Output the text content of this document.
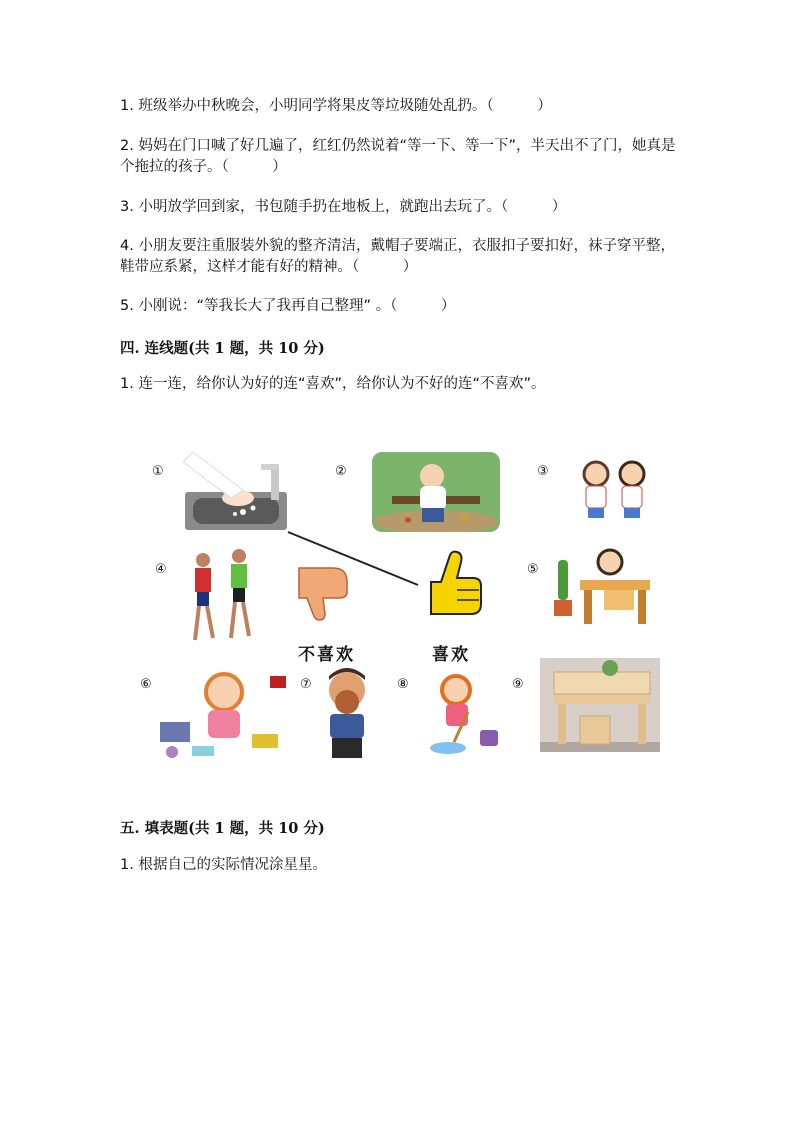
1. 班级举办中秋晚会，小明同学将果皮等垃圾随处乱扔。（　　　）
2. 妈妈在门口喊了好几遍了，红红仍然说着“等一下、等一下”，半天出不了门，她真是个拖拉的孩子。（　　　）
3. 小明放学回到家，书包随手扔在地板上，就跑出去玩了。（　　　）
4. 小朋友要注重服装外貌的整齐清洁，戴帽子要端正，衣服扣子要扣好，袜子穿平整，鞋带应系紧，这样才能有好的精神。（　　　）
5. 小刚说：“等我长大了我再自己整理” 。（　　　）
四. 连线题(共 1 题，共 10 分)
1. 连一连，给你认为好的连“喜欢”，给你认为不好的连“不喜欢”。
①	②	③
④	⑤
⑥	⑦	⑧	⑨
不喜欢	喜欢
五. 填表题(共 1 题，共 10 分)
1. 根据自己的实际情况涂星星。
